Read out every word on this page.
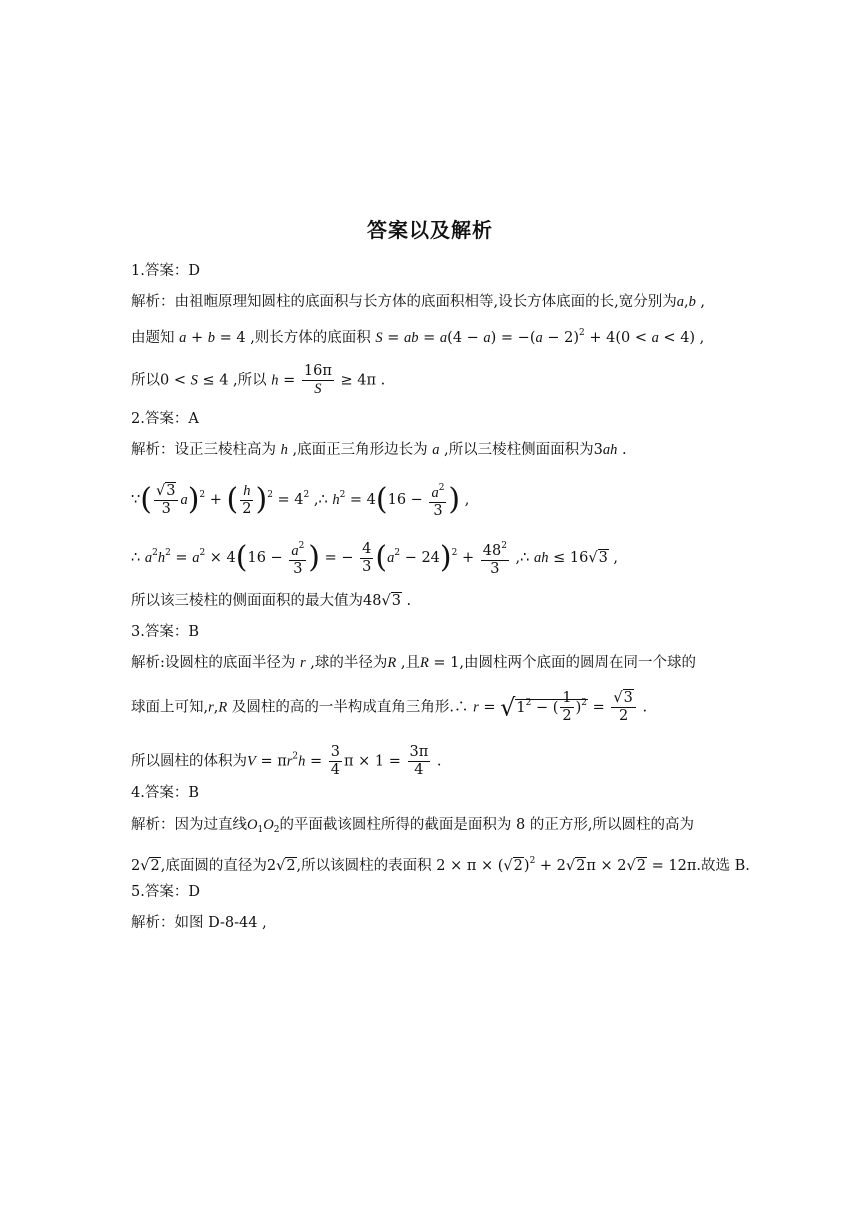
答案以及解析
1.答案：D
解析：由祖暅原理知圆柱的底面积与长方体的底面积相等,设长方体底面的长,宽分别为a,b ,
由题知 a + b = 4 ,则长方体的底面积 S = ab = $a(4 - a) = -(a - 2)^2 + 4(0 < a < 4)$ ,
所以0 < S ≤ 4 ,所以 $h = \frac{16\pi}{S} \ge 4\pi$ .
2.答案：A
解析：设正三棱柱高为 h ,底面正三角形边长为 a ,所以三棱柱侧面面积为3ah .
∵( $\frac{√3}{3} a)^2$ + ( $\frac{h}{2} )^2 = 4^2$ ,∴ $h^2 = 4(16 - \frac{a^2}{3}$ ) ,
∴ $a^2h^2 = a^2 \times 4(16 - \frac{a^2}{3}$ ) = − $\frac{4}{3} (a^2 - 24)^2 + \frac{48^2}{3}$ ,∴ ah ≤ 16√3 ,
所以该三棱柱的侧面面积的最大值为48√3 .
3.答案：B
解析:设圆柱的底面半径为 r ,球的半径为R ,且R = 1,由圆柱两个底面的圆周在同一个球的
球面上可知,r,R 及圆柱的高的一半构成直角三角形.∴ $r = √1^2$ − ( $\frac{1}{2} )^2 = \frac{√3}{2}$ .
所以圆柱的体积为$V = \pi r^2h = \frac{3}{4}$ $\pi \times 1 = \frac{3\pi}{4}$ .
4.答案：B
解析：因为过直线$O_1O_2$的平面截该圆柱所得的截面是面积为 8 的正方形,所以圆柱的高为
2√2,底面圆的直径为2√2,所以该圆柱的表面积 $2 \times \pi \times (√2)^2 + 2√2\pi \times 2√2 = 12\pi$.故选 B.
5.答案：D
解析：如图 D-8-44 ,
